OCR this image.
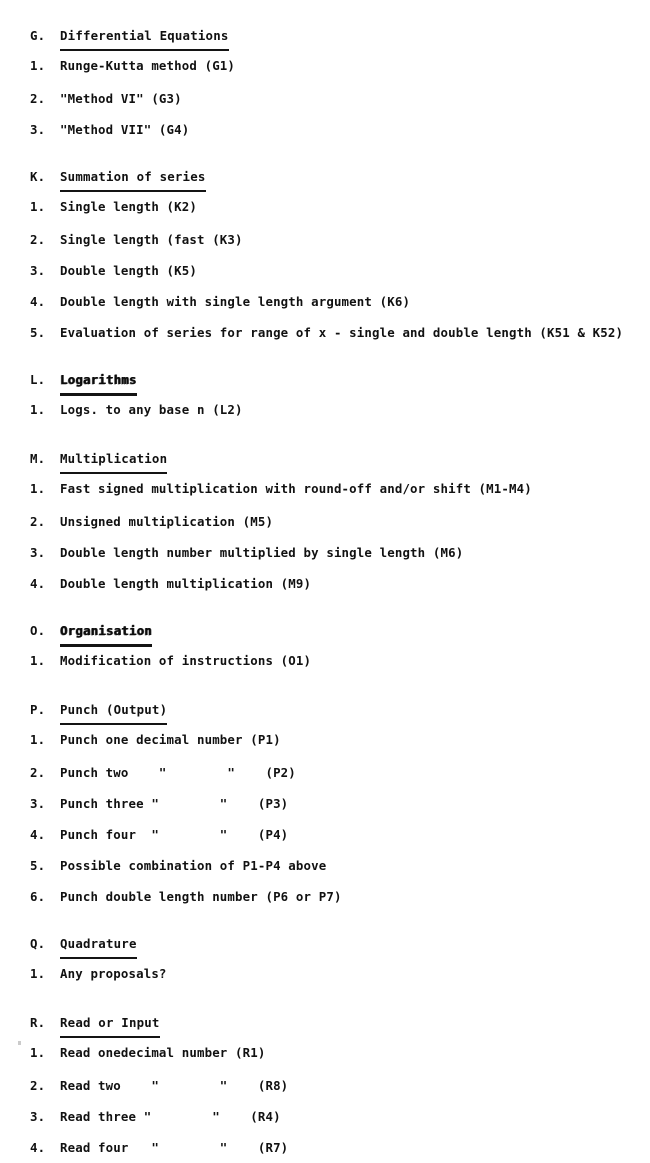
G. Differential Equations
1. Runge-Kutta method (G1)
2. "Method VI" (G3)
3. "Method VII" (G4)
K. Summation of series
1. Single length (K2)
2. Single length (fast (K3)
3. Double length (K5)
4. Double length with single length argument (K6)
5. Evaluation of series for range of x - single and double length (K51 & K52)
L. Logarithms
1. Logs. to any base n (L2)
M. Multiplication
1. Fast signed multiplication with round-off and/or shift (M1-M4)
2. Unsigned multiplication (M5)
3. Double length number multiplied by single length (M6)
4. Double length multiplication (M9)
O. Organisation
1. Modification of instructions (O1)
P. Punch (Output)
1. Punch one decimal number (P1)
2. Punch two    "        "    (P2)
3. Punch three "        "    (P3)
4. Punch four  "        "    (P4)
5. Possible combination of P1-P4 above
6. Punch double length number (P6 or P7)
Q. Quadrature
1. Any proposals?
R. Read or Input
1. Read onedecimal number (R1)
2. Read two    "        "    (R8)
3. Read three "        "    (R4)
4. Read four   "        "    (R7)
